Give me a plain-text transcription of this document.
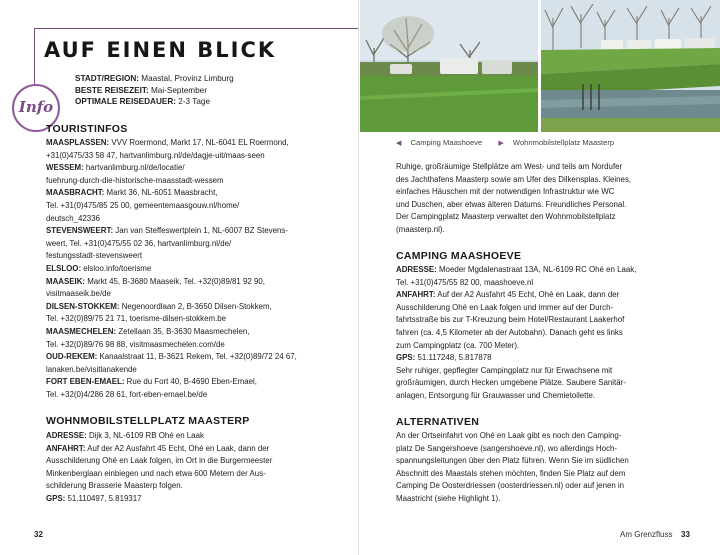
AUF EINEN BLICK
Info
STADT/REGION: Maastal, Provinz Limburg
BESTE REISEZEIT: Mai-September
OPTIMALE REISEDAUER: 2-3 Tage
TOURISTINFOS
MAASPLASSEN: VVV Roermond, Markt 17, NL-6041 EL Roermond,
+31(0)475/33 58 47, hartvanlimburg.nl/de/dagje-uit/maas-seen
WESSEM: hartvanlimburg.nl/de/locatie/
fuehrung-durch-die-historische-maasstadt-wessem
MAASBRACHT: Markt 36, NL-6051 Maasbracht,
Tel. +31(0)475/85 25 00, gemeentemaasgouw.nl/home/
deutsch_42336
STEVENSWEERT: Jan van Steffeswertplein 1, NL-6007 BZ Stevens-
weert, Tel. +31(0)475/55 02 36, hartvanlimburg.nl/de/
festungsstadt-stevensweert
ELSLOO: elsloo.info/toerisme
MAASEIK: Markt 45, B-3680 Maaseik, Tel. +32(0)89/81 92 90,
visitmaaseik.be/de
DILSEN-STOKKEM: Negenoordlaan 2, B-3650 Dilsen-Stokkem,
Tel. +32(0)89/75 21 71, toerisme-dilsen-stokkem.be
MAASMECHELEN: Zetellaan 35, B-3630 Maasmechelen,
Tel. +32(0)89/76 98 88, visitmaasmechelen.com/de
OUD-REKEM: Kanaalstraat 11, B-3621 Rekem, Tel. +32(0)89/72 24 67,
lanaken.be/visitlanakende
FORT EBEN-EMAEL: Rue du Fort 40, B-4690 Eben-Emael,
Tel. +32(0)4/286 28 61, fort-eben-emael.be/de
WOHNMOBILSTELLPLATZ MAASTERP
ADRESSE: Dijk 3, NL-6109 RB Ohé en Laak
ANFAHRT: Auf der A2 Ausfahrt 45 Echt, Ohé en Laak, dann der
Ausschilderung Ohé en Laak folgen, im Ort in die Burgermeester
Minkenberglaan einbiegen und nach etwa 600 Metern der Aus-
schilderung Brasserie Maasterp folgen.
GPS: 51.110497, 5.819317
32
◀ Camping Maashoeve ▶ Wohnmobilstellplatz Maasterp
Ruhige, großräumige Stellplätze am West- und teils am Nordufer
des Jachthafens Maasterp sowie am Ufer des Dilkensplas. Kleines,
einfaches Häuschen mit der notwendigen Infrastruktur wie WC
und Duschen, aber etwas älteren Datums. Freundliches Personal.
Der Campingplatz Maasterp verwaltet den Wohnmobilstellplatz
(maasterp.nl).
CAMPING MAASHOEVE
ADRESSE: Moeder Mgdalenastraat 13A, NL-6109 RC Ohé en Laak,
Tel. +31(0)475/55 82 00, maashoeve.nl
ANFAHRT: Auf der A2 Ausfahrt 45 Echt, Ohé en Laak, dann der
Ausschilderung Ohé en Laak folgen und immer auf der Durch-
fahrtsstraße bis zur T-Kreuzung beim Hotel/Restaurant Laakerhof
fahren (ca. 4,5 Kilometer ab der Autobahn). Danach geht es links
zum Campingplatz (ca. 700 Meter).
GPS: 51.117248, 5.817878
Sehr ruhiger, gepflegter Campingplatz nur für Erwachsene mit
großräumigen, durch Hecken umgebene Plätze. Saubere Sanitär-
anlagen, Entsorgung für Grauwasser und Chemietoilette.
ALTERNATIVEN
An der Ortseinfahrt von Ohé en Laak gibt es noch den Camping-
platz De Sangershoeve (sangershoeve.nl), wo allerdings Hoch-
spannungsleitungen über den Platz führen. Wenn Sie im südlichen
Abschnitt des Maastals stehen möchten, finden Sie Platz auf dem
Camping De Oosterdriessen (oosterdriessen.nl) oder auf jenen in
Maastricht (siehe Highlight 1).
Am Grenzfluss 33
